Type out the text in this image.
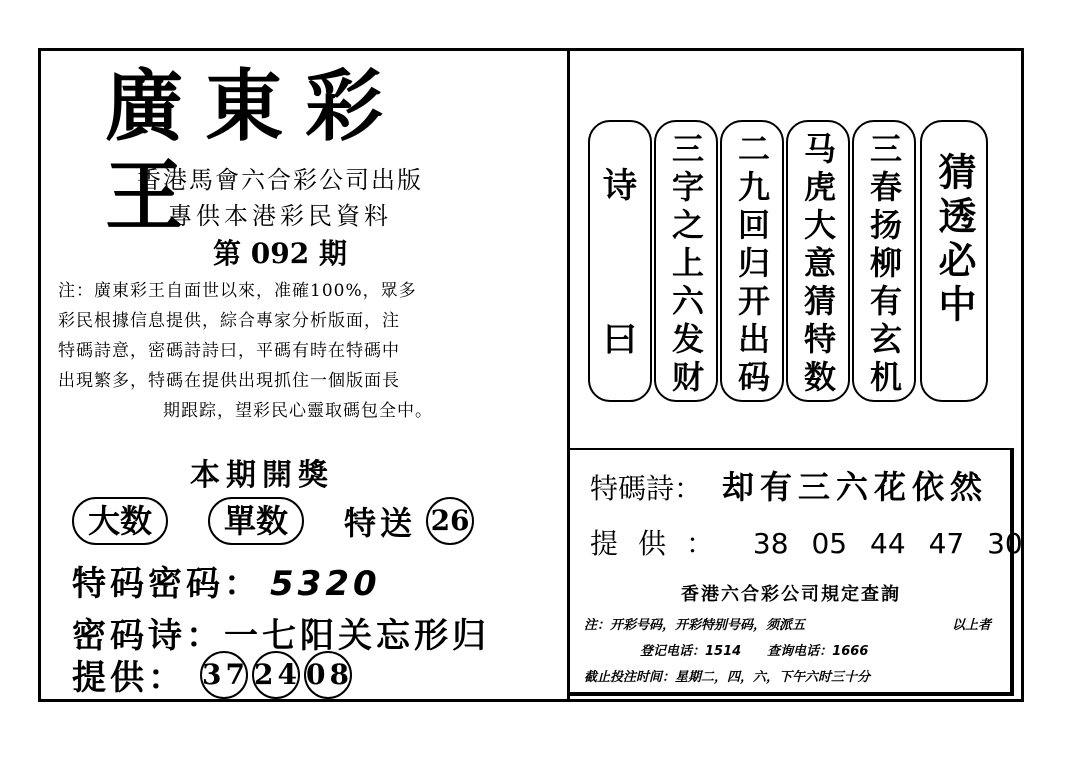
廣東彩王
香港馬會六合彩公司出版
專供本港彩民資料
第 092 期
注：廣東彩王自面世以來，准確100%，眾多
彩民根據信息提供，綜合專家分析版面，注
特碼詩意，密碼詩詩曰，平碼有時在特碼中
出現繁多，特碼在提供出現抓住一個版面長
期跟踪，望彩民心靈取碼包全中。
本期開獎
大数	單数	特送 26
特码密码： 5320
密码诗：一七阳关忘形归
提供： 37 24 08
诗
曰 三字之上六发财 二九回归开出码 马虎大意猜特数 三春扬柳有玄机 猜透必中
特碼詩： 却有三六花依然
提供： 38 05 44 47 30
香港六合彩公司規定查詢
注：开彩号码，开彩特别号码，须派五	以上者
登记电话：1514　　查询电话：1666
截止投注时间：星期二，四，六，下午六时三十分
